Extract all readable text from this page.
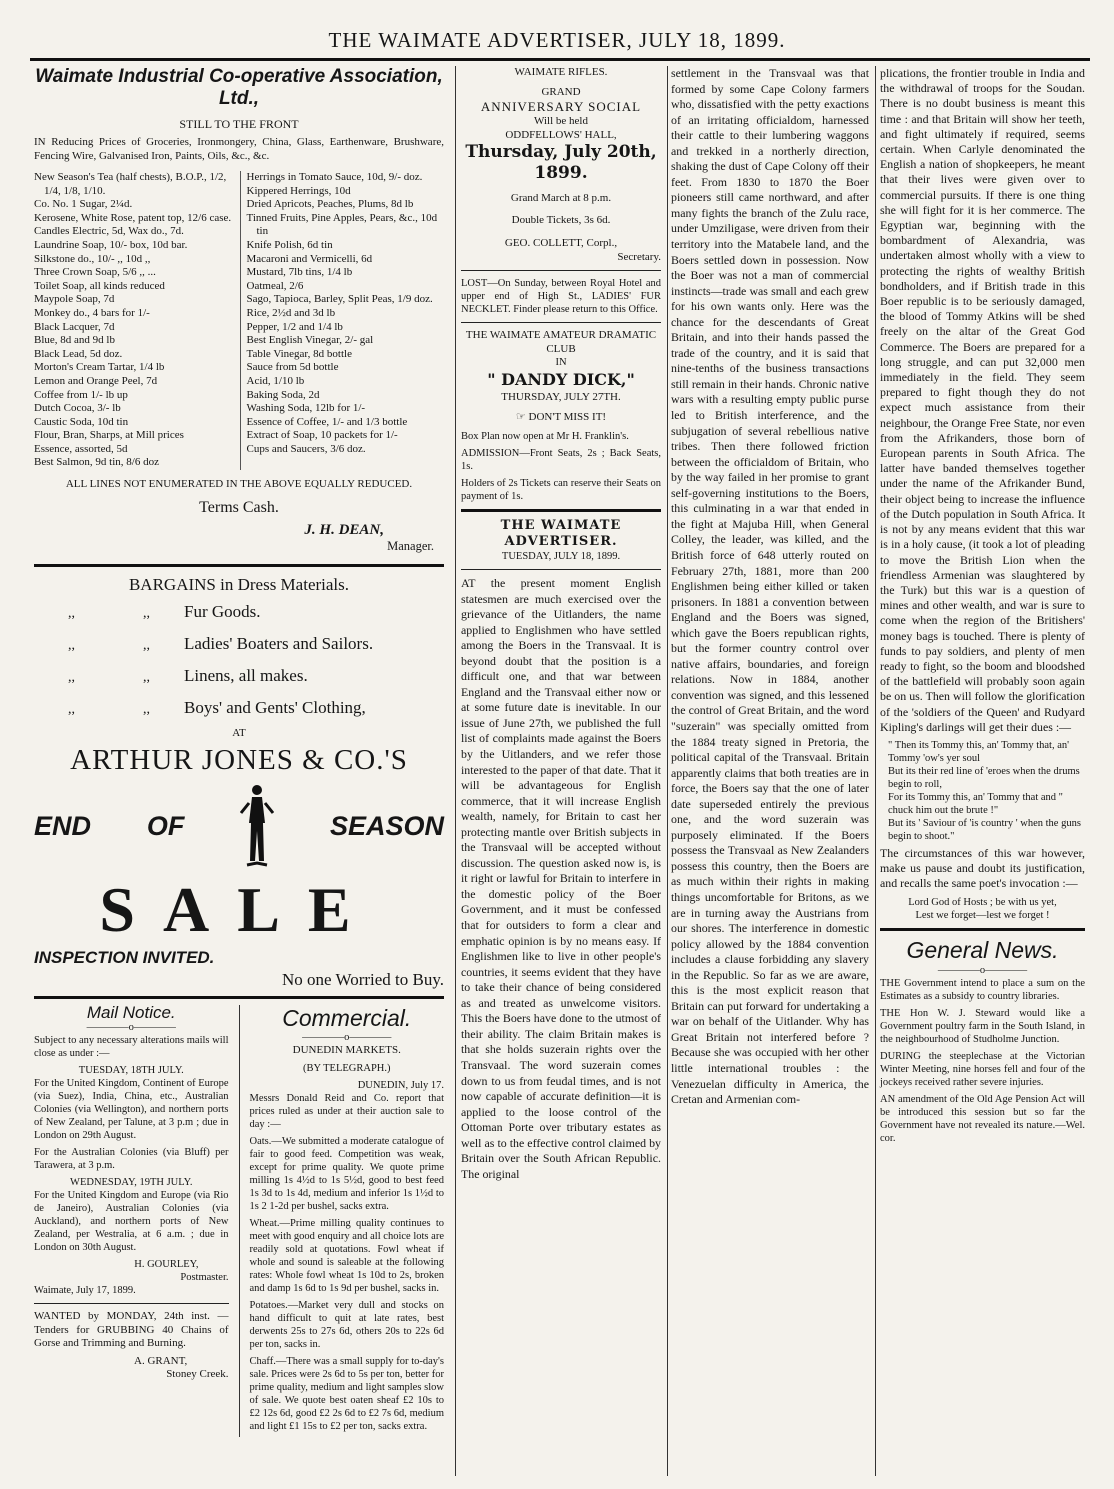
THE WAIMATE ADVERTISER, JULY 18, 1899.
Waimate Industrial Co-operative Association, Ltd.,
STILL TO THE FRONT
IN Reducing Prices of Groceries, Ironmongery, China, Glass, Earthenware, Brushware, Fencing Wire, Galvanised Iron, Paints, Oils, &c., &c.
New Season's Tea (half chests), B.O.P., 1/2, 1/4, 1/8, 1/10.
Co. No. 1 Sugar, 2¼d.
Kerosene, White Rose, patent top, 12/6 case.
Candles Electric, 5d, Wax do., 7d.
Laundrine Soap, 10/- box, 10d bar.
Silkstone do., 10/- ,, 10d ,,
Three Crown Soap, 5/6 ,, ...
Toilet Soap, all kinds reduced
Maypole Soap, 7d
Monkey do., 4 bars for 1/-
Black Lacquer, 7d
Blue, 8d and 9d lb
Black Lead, 5d doz.
Morton's Cream Tartar, 1/4 lb
Lemon and Orange Peel, 7d
Coffee from 1/- lb up
Dutch Cocoa, 3/- lb
Caustic Soda, 10d tin
Flour, Bran, Sharps, at Mill prices
Essence, assorted, 5d
Best Salmon, 9d tin, 8/6 doz
Herrings in Tomato Sauce, 10d, 9/- doz.
Kippered Herrings, 10d
Dried Apricots, Peaches, Plums, 8d lb
Tinned Fruits, Pine Apples, Pears, &c., 10d tin
Knife Polish, 6d tin
Macaroni and Vermicelli, 6d
Mustard, 7lb tins, 1/4 lb
Oatmeal, 2/6
Sago, Tapioca, Barley, Split Peas, 1/9 doz.
Rice, 2½d and 3d lb
Pepper, 1/2 and 1/4 lb
Best English Vinegar, 2/- gal
Table Vinegar, 8d bottle
Sauce from 5d bottle
Acid, 1/10 lb
Baking Soda, 2d
Washing Soda, 12lb for 1/-
Essence of Coffee, 1/- and 1/3 bottle
Extract of Soap, 10 packets for 1/-
Cups and Saucers, 3/6 doz.
ALL LINES NOT ENUMERATED IN THE ABOVE EQUALLY REDUCED.
Terms Cash.
J. H. DEAN,
Manager.
BARGAINS in Dress Materials.
,,	,,	Fur Goods.
,,	,,	Ladies' Boaters and Sailors.
,,	,,	Linens, all makes.
,,	,,	Boys' and Gents' Clothing,
AT
ARTHUR JONES & CO.'S
END OF	SEASON
SALE
INSPECTION INVITED.
No one Worried to Buy.
Mail Notice.
————o————
Subject to any necessary alterations mails will close as under :—
TUESDAY, 18TH JULY.
For the United Kingdom, Continent of Europe (via Suez), India, China, etc., Australian Colonies (via Wellington), and northern ports of New Zealand, per Talune, at 3 p.m ; due in London on 29th August.
For the Australian Colonies (via Bluff) per Tarawera, at 3 p.m.
WEDNESDAY, 19TH JULY.
For the United Kingdom and Europe (via Rio de Janeiro), Australian Colonies (via Auckland), and northern ports of New Zealand, per Westralia, at 6 a.m. ; due in London on 30th August.
H. GOURLEY,
Postmaster.
Waimate, July 17, 1899.
WANTED by MONDAY, 24th inst. — Tenders for GRUBBING 40 Chains of Gorse and Trimming and Burning.
A. GRANT,
Stoney Creek.
Commercial.
————o————
DUNEDIN MARKETS.
(BY TELEGRAPH.)
DUNEDIN, July 17.
Messrs Donald Reid and Co. report that prices ruled as under at their auction sale to day :—
Oats.—We submitted a moderate catalogue of fair to good feed. Competition was weak, except for prime quality. We quote prime milling 1s 4½d to 1s 5½d, good to best feed 1s 3d to 1s 4d, medium and inferior 1s 1½d to 1s 2 1-2d per bushel, sacks extra.
Wheat.—Prime milling quality continues to meet with good enquiry and all choice lots are readily sold at quotations. Fowl wheat if whole and sound is saleable at the following rates: Whole fowl wheat 1s 10d to 2s, broken and damp 1s 6d to 1s 9d per bushel, sacks in.
Potatoes.—Market very dull and stocks on hand difficult to quit at late rates, best derwents 25s to 27s 6d, others 20s to 22s 6d per ton, sacks in.
Chaff.—There was a small supply for to-day's sale. Prices were 2s 6d to 5s per ton, better for prime quality, medium and light samples slow of sale. We quote best oaten sheaf £2 10s to £2 12s 6d, good £2 2s 6d to £2 7s 6d, medium and light £1 15s to £2 per ton, sacks extra.
WAIMATE RIFLES.
GRAND
ANNIVERSARY SOCIAL
Will be held
ODDFELLOWS' HALL,
Thursday, July 20th, 1899.
Grand March at 8 p.m.
Double Tickets, 3s 6d.
GEO. COLLETT, Corpl.,
Secretary.
LOST—On Sunday, between Royal Hotel and upper end of High St., LADIES' FUR NECKLET. Finder please return to this Office.
THE WAIMATE AMATEUR DRAMATIC CLUB
IN
" DANDY DICK,"
THURSDAY, JULY 27TH.
☞ DON'T MISS IT!
Box Plan now open at Mr H. Franklin's.
ADMISSION—Front Seats, 2s ; Back Seats, 1s.
Holders of 2s Tickets can reserve their Seats on payment of 1s.
THE WAIMATE ADVERTISER.
TUESDAY, JULY 18, 1899.
AT the present moment English statesmen are much exercised over the grievance of the Uitlanders, the name applied to Englishmen who have settled among the Boers in the Transvaal. It is beyond doubt that the position is a difficult one, and that war between England and the Transvaal either now or at some future date is inevitable. In our issue of June 27th, we published the full list of complaints made against the Boers by the Uitlanders, and we refer those interested to the paper of that date. That it will be advantageous for English commerce, that it will increase English wealth, namely, for Britain to cast her protecting mantle over British subjects in the Transvaal will be accepted without discussion. The question asked now is, is it right or lawful for Britain to interfere in the domestic policy of the Boer Government, and it must be confessed that for outsiders to form a clear and emphatic opinion is by no means easy. If Englishmen like to live in other people's countries, it seems evident that they have to take their chance of being considered as and treated as unwelcome visitors. This the Boers have done to the utmost of their ability. The claim Britain makes is that she holds suzerain rights over the Transvaal. The word suzerain comes down to us from feudal times, and is not now capable of accurate definition—it is applied to the loose control of the Ottoman Porte over tributary estates as well as to the effective control claimed by Britain over the South African Republic. The original
settlement in the Transvaal was that formed by some Cape Colony farmers who, dissatisfied with the petty exactions of an irritating officialdom, harnessed their cattle to their lumbering waggons and trekked in a northerly direction, shaking the dust of Cape Colony off their feet. From 1830 to 1870 the Boer pioneers still came northward, and after many fights the branch of the Zulu race, under Umziligase, were driven from their territory into the Matabele land, and the Boers settled down in possession. Now the Boer was not a man of commercial instincts—trade was small and each grew for his own wants only. Here was the chance for the descendants of Great Britain, and into their hands passed the trade of the country, and it is said that nine-tenths of the business transactions still remain in their hands. Chronic native wars with a resulting empty public purse led to British interference, and the subjugation of several rebellious native tribes. Then there followed friction between the officialdom of Britain, who by the way failed in her promise to grant self-governing institutions to the Boers, this culminating in a war that ended in the fight at Majuba Hill, when General Colley, the leader, was killed, and the British force of 648 utterly routed on February 27th, 1881, more than 200 Englishmen being either killed or taken prisoners. In 1881 a convention between England and the Boers was signed, which gave the Boers republican rights, but the former country control over native affairs, boundaries, and foreign relations. Now in 1884, another convention was signed, and this lessened the control of Great Britain, and the word "suzerain" was specially omitted from the 1884 treaty signed in Pretoria, the political capital of the Transvaal. Britain apparently claims that both treaties are in force, the Boers say that the one of later date superseded entirely the previous one, and the word suzerain was purposely eliminated. If the Boers possess the Transvaal as New Zealanders possess this country, then the Boers are as much within their rights in making things uncomfortable for Britons, as we are in turning away the Austrians from our shores. The interference in domestic policy allowed by the 1884 convention includes a clause forbidding any slavery in the Republic. So far as we are aware, this is the most explicit reason that Britain can put forward for undertaking a war on behalf of the Uitlander. Why has Great Britain not interfered before ? Because she was occupied with her other little international troubles : the Venezuelan difficulty in America, the Cretan and Armenian com-
plications, the frontier trouble in India and the withdrawal of troops for the Soudan. There is no doubt business is meant this time : and that Britain will show her teeth, and fight ultimately if required, seems certain. When Carlyle denominated the English a nation of shopkeepers, he meant that their lives were given over to commercial pursuits. If there is one thing she will fight for it is her commerce. The Egyptian war, beginning with the bombardment of Alexandria, was undertaken almost wholly with a view to protecting the rights of wealthy British bondholders, and if British trade in this Boer republic is to be seriously damaged, the blood of Tommy Atkins will be shed freely on the altar of the Great God Commerce. The Boers are prepared for a long struggle, and can put 32,000 men immediately in the field. They seem prepared to fight though they do not expect much assistance from their neighbour, the Orange Free State, nor even from the Afrikanders, those born of European parents in South Africa. The latter have banded themselves together under the name of the Afrikander Bund, their object being to increase the influence of the Dutch population in South Africa. It is not by any means evident that this war is in a holy cause, (it took a lot of pleading to move the British Lion when the friendless Armenian was slaughtered by the Turk) but this war is a question of mines and other wealth, and war is sure to come when the region of the Britishers' money bags is touched. There is plenty of funds to pay soldiers, and plenty of men ready to fight, so the boom and bloodshed of the battlefield will probably soon again be on us. Then will follow the glorification of the 'soldiers of the Queen' and Rudyard Kipling's darlings will get their dues :—
" Then its Tommy this, an' Tommy that, an' Tommy 'ow's yer soul
But its their red line of 'eroes when the drums begin to roll,
For its Tommy this, an' Tommy that and " chuck him out the brute !"
But its ' Saviour of 'is country ' when the guns begin to shoot."
The circumstances of this war however, make us pause and doubt its justification, and recalls the same poet's invocation :—
Lord God of Hosts ; be with us yet,
Lest we forget—lest we forget !
General News.
————o————
THE Government intend to place a sum on the Estimates as a subsidy to country libraries.
THE Hon W. J. Steward would like a Government poultry farm in the South Island, in the neighbourhood of Studholme Junction.
DURING the steeplechase at the Victorian Winter Meeting, nine horses fell and four of the jockeys received rather severe injuries.
AN amendment of the Old Age Pension Act will be introduced this session but so far the Government have not revealed its nature.—Wel. cor.
